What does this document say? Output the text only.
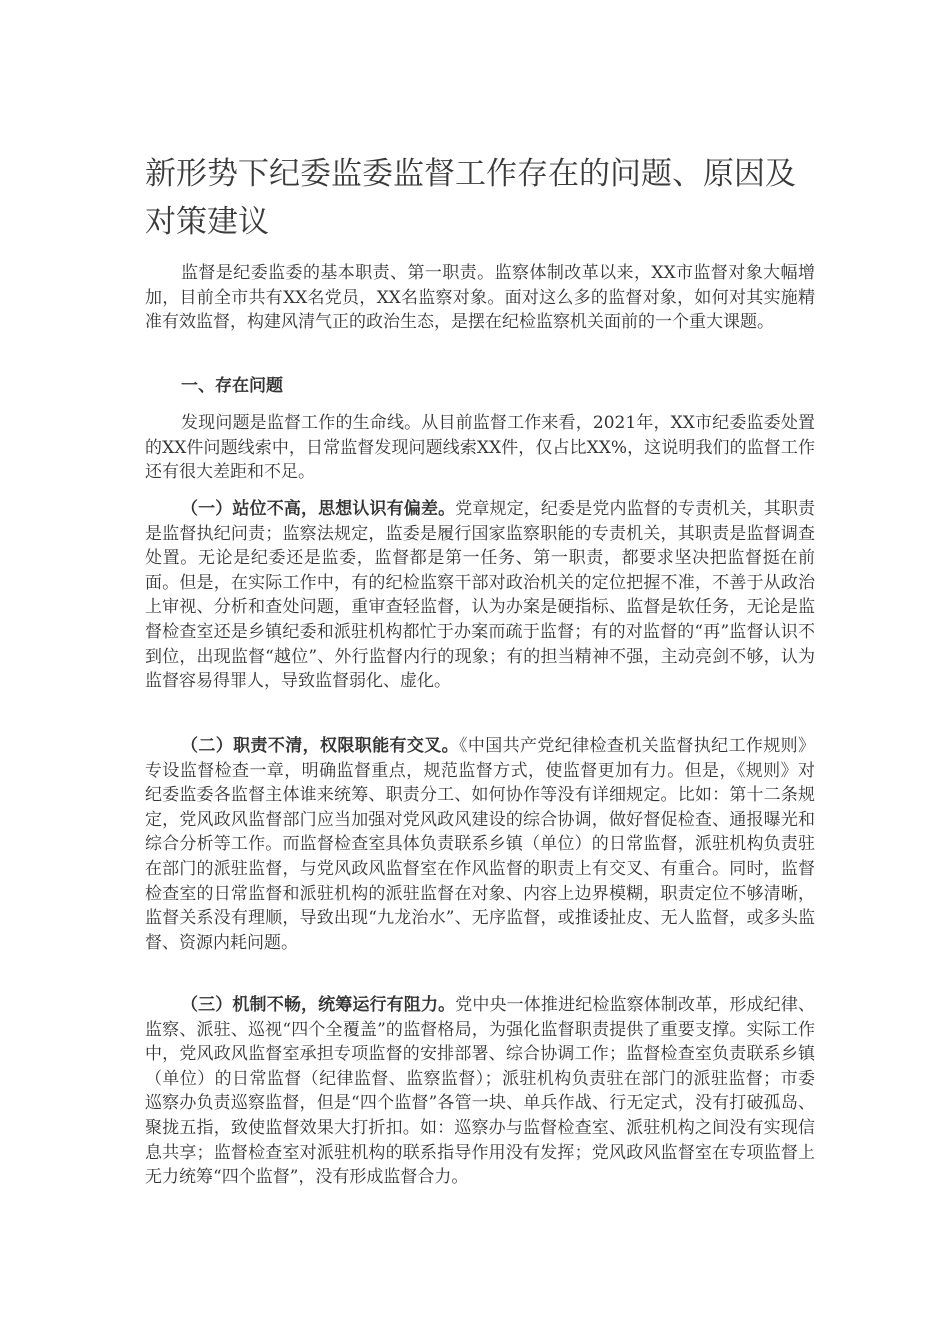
新形势下纪委监委监督工作存在的问题、原因及对策建议

监督是纪委监委的基本职责、第一职责。监察体制改革以来，XX市监督对象大幅增加，目前全市共有XX名党员，XX名监察对象。面对这么多的监督对象，如何对其实施精准有效监督，构建风清气正的政治生态，是摆在纪检监察机关面前的一个重大课题。

一、存在问题

发现问题是监督工作的生命线。从目前监督工作来看，2021年，XX市纪委监委处置的XX件问题线索中，日常监督发现问题线索XX件，仅占比XX%，这说明我们的监督工作还有很大差距和不足。

（一）站位不高，思想认识有偏差。党章规定，纪委是党内监督的专责机关，其职责是监督执纪问责；监察法规定，监委是履行国家监察职能的专责机关，其职责是监督调查处置。无论是纪委还是监委，监督都是第一任务、第一职责，都要求坚决把监督挺在前面。但是，在实际工作中，有的纪检监察干部对政治机关的定位把握不准，不善于从政治上审视、分析和查处问题，重审查轻监督，认为办案是硬指标、监督是软任务，无论是监督检查室还是乡镇纪委和派驻机构都忙于办案而疏于监督；有的对监督的“再”监督认识不到位，出现监督“越位”、外行监督内行的现象；有的担当精神不强，主动亮剑不够，认为监督容易得罪人，导致监督弱化、虚化。

（二）职责不清，权限职能有交叉。《中国共产党纪律检查机关监督执纪工作规则》专设监督检查一章，明确监督重点，规范监督方式，使监督更加有力。但是，《规则》对纪委监委各监督主体谁来统筹、职责分工、如何协作等没有详细规定。比如：第十二条规定，党风政风监督部门应当加强对党风政风建设的综合协调，做好督促检查、通报曝光和综合分析等工作。而监督检查室具体负责联系乡镇（单位）的日常监督，派驻机构负责驻在部门的派驻监督，与党风政风监督室在作风监督的职责上有交叉、有重合。同时，监督检查室的日常监督和派驻机构的派驻监督在对象、内容上边界模糊，职责定位不够清晰，监督关系没有理顺，导致出现“九龙治水”、无序监督，或推诿扯皮、无人监督，或多头监督、资源内耗问题。

（三）机制不畅，统筹运行有阻力。党中央一体推进纪检监察体制改革，形成纪律、监察、派驻、巡视“四个全覆盖”的监督格局，为强化监督职责提供了重要支撑。实际工作中，党风政风监督室承担专项监督的安排部署、综合协调工作；监督检查室负责联系乡镇（单位）的日常监督（纪律监督、监察监督）；派驻机构负责驻在部门的派驻监督；市委巡察办负责巡察监督，但是“四个监督”各管一块、单兵作战、行无定式，没有打破孤岛、聚拢五指，致使监督效果大打折扣。如：巡察办与监督检查室、派驻机构之间没有实现信息共享；监督检查室对派驻机构的联系指导作用没有发挥；党风政风监督室在专项监督上无力统筹“四个监督”，没有形成监督合力。
